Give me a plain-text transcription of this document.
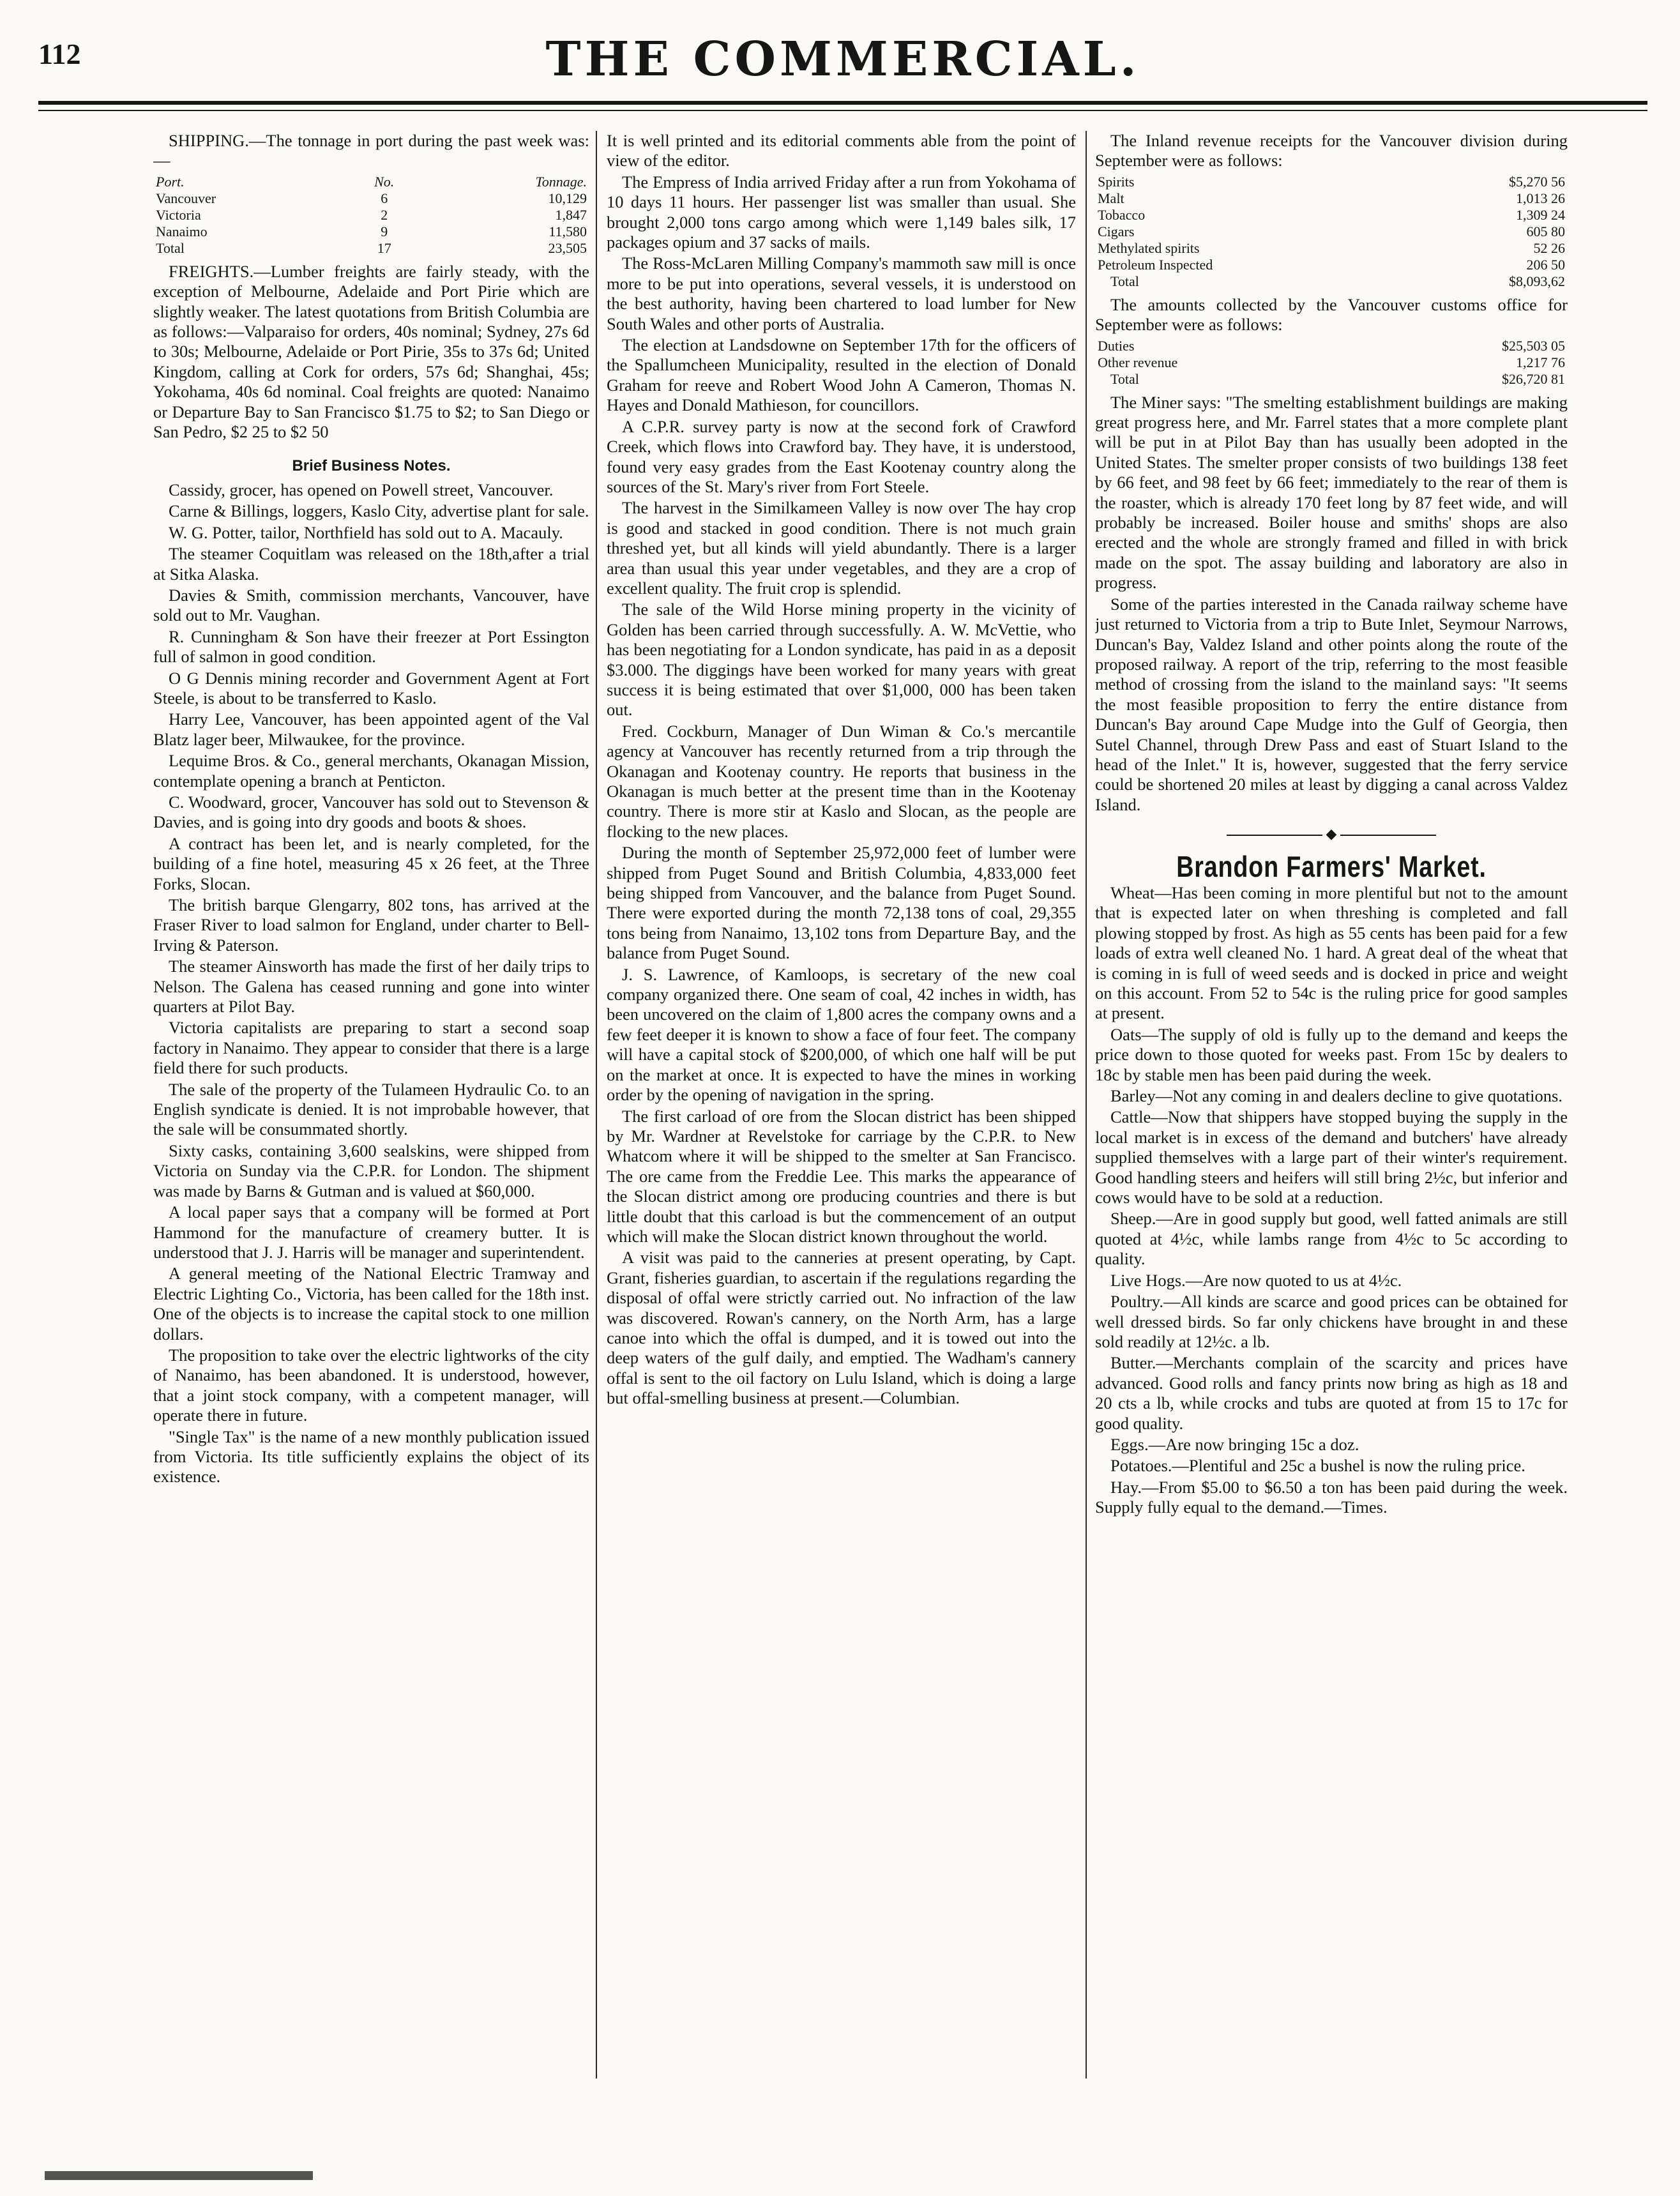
112	THE COMMERCIAL.

SHIPPING.—The tonnage in port during the past week was:—

Port.	No.	Tonnage.
Vancouver	6	10,129
Victoria	2	1,847
Nanaimo	9	11,580
Total	17	23,505

FREIGHTS.—Lumber freights are fairly steady, with the exception of Melbourne, Adelaide and Port Pirie which are slightly weaker. The latest quotations from British Columbia are as follows:—Valparaiso for orders, 40s nominal; Sydney, 27s 6d to 30s; Melbourne, Adelaide or Port Pirie, 35s to 37s 6d; United Kingdom, calling at Cork for orders, 57s 6d; Shanghai, 45s; Yokohama, 40s 6d nominal. Coal freights are quoted: Nanaimo or Departure Bay to San Francisco $1.75 to $2; to San Diego or San Pedro, $2 25 to $2 50

Brief Business Notes.

Cassidy, grocer, has opened on Powell street, Vancouver.

Carne & Billings, loggers, Kaslo City, advertise plant for sale.

W. G. Potter, tailor, Northfield has sold out to A. Macauly.

The steamer Coquitlam was released on the 18th,after a trial at Sitka Alaska.

Davies & Smith, commission merchants, Vancouver, have sold out to Mr. Vaughan.

R. Cunningham & Son have their freezer at Port Essington full of salmon in good condition.

O G Dennis mining recorder and Government Agent at Fort Steele, is about to be transferred to Kaslo.

Harry Lee, Vancouver, has been appointed agent of the Val Blatz lager beer, Milwaukee, for the province.

Lequime Bros. & Co., general merchants, Okanagan Mission, contemplate opening a branch at Penticton.

C. Woodward, grocer, Vancouver has sold out to Stevenson & Davies, and is going into dry goods and boots & shoes.

A contract has been let, and is nearly completed, for the building of a fine hotel, measuring 45 x 26 feet, at the Three Forks, Slocan.

The british barque Glengarry, 802 tons, has arrived at the Fraser River to load salmon for England, under charter to Bell-Irving & Paterson.

The steamer Ainsworth has made the first of her daily trips to Nelson. The Galena has ceased running and gone into winter quarters at Pilot Bay.

Victoria capitalists are preparing to start a second soap factory in Nanaimo. They appear to consider that there is a large field there for such products.

The sale of the property of the Tulameen Hydraulic Co. to an English syndicate is denied. It is not improbable however, that the sale will be consummated shortly.

Sixty casks, containing 3,600 sealskins, were shipped from Victoria on Sunday via the C.P.R. for London. The shipment was made by Barns & Gutman and is valued at $60,000.

A local paper says that a company will be formed at Port Hammond for the manufacture of creamery butter. It is understood that J. J. Harris will be manager and superintendent.

A general meeting of the National Electric Tramway and Electric Lighting Co., Victoria, has been called for the 18th inst. One of the objects is to increase the capital stock to one million dollars.

The proposition to take over the electric lightworks of the city of Nanaimo, has been abandoned. It is understood, however, that a joint stock company, with a competent manager, will operate there in future.

"Single Tax" is the name of a new monthly publication issued from Victoria. Its title sufficiently explains the object of its existence.

It is well printed and its editorial comments able from the point of view of the editor.

The Empress of India arrived Friday after a run from Yokohama of 10 days 11 hours. Her passenger list was smaller than usual. She brought 2,000 tons cargo among which were 1,149 bales silk, 17 packages opium and 37 sacks of mails.

The Ross-McLaren Milling Company's mammoth saw mill is once more to be put into operations, several vessels, it is understood on the best authority, having been chartered to load lumber for New South Wales and other ports of Australia.

The election at Landsdowne on September 17th for the officers of the Spallumcheen Municipality, resulted in the election of Donald Graham for reeve and Robert Wood John A Cameron, Thomas N. Hayes and Donald Mathieson, for councillors.

A C.P.R. survey party is now at the second fork of Crawford Creek, which flows into Crawford bay. They have, it is understood, found very easy grades from the East Kootenay country along the sources of the St. Mary's river from Fort Steele.

The harvest in the Similkameen Valley is now over The hay crop is good and stacked in good condition. There is not much grain threshed yet, but all kinds will yield abundantly. There is a larger area than usual this year under vegetables, and they are a crop of excellent quality. The fruit crop is splendid.

The sale of the Wild Horse mining property in the vicinity of Golden has been carried through successfully. A. W. McVettie, who has been negotiating for a London syndicate, has paid in as a deposit $3.000. The diggings have been worked for many years with great success it is being estimated that over $1,000, 000 has been taken out.

Fred. Cockburn, Manager of Dun Wiman & Co.'s mercantile agency at Vancouver has recently returned from a trip through the Okanagan and Kootenay country. He reports that business in the Okanagan is much better at the present time than in the Kootenay country. There is more stir at Kaslo and Slocan, as the people are flocking to the new places.

During the month of September 25,972,000 feet of lumber were shipped from Puget Sound and British Columbia, 4,833,000 feet being shipped from Vancouver, and the balance from Puget Sound. There were exported during the month 72,138 tons of coal, 29,355 tons being from Nanaimo, 13,102 tons from Departure Bay, and the balance from Puget Sound.

J. S. Lawrence, of Kamloops, is secretary of the new coal company organized there. One seam of coal, 42 inches in width, has been uncovered on the claim of 1,800 acres the company owns and a few feet deeper it is known to show a face of four feet. The company will have a capital stock of $200,000, of which one half will be put on the market at once. It is expected to have the mines in working order by the opening of navigation in the spring.

The first carload of ore from the Slocan district has been shipped by Mr. Wardner at Revelstoke for carriage by the C.P.R. to New Whatcom where it will be shipped to the smelter at San Francisco. The ore came from the Freddie Lee. This marks the appearance of the Slocan district among ore producing countries and there is but little doubt that this carload is but the commencement of an output which will make the Slocan district known throughout the world.

A visit was paid to the canneries at present operating, by Capt. Grant, fisheries guardian, to ascertain if the regulations regarding the disposal of offal were strictly carried out. No infraction of the law was discovered. Rowan's cannery, on the North Arm, has a large canoe into which the offal is dumped, and it is towed out into the deep waters of the gulf daily, and emptied. The Wadham's cannery offal is sent to the oil factory on Lulu Island, which is doing a large but offal-smelling business at present.—Columbian.

The Inland revenue receipts for the Vancouver division during September were as follows:

Spirits	$5,270 56
Malt	1,013 26
Tobacco	1,309 24
Cigars	605 80
Methylated spirits	52 26
Petroleum Inspected	206 50
Total	$8,093,62

The amounts collected by the Vancouver customs office for September were as follows:

Duties	$25,503 05
Other revenue	1,217 76
Total	$26,720 81

The Miner says: "The smelting establishment buildings are making great progress here, and Mr. Farrel states that a more complete plant will be put in at Pilot Bay than has usually been adopted in the United States. The smelter proper consists of two buildings 138 feet by 66 feet, and 98 feet by 66 feet; immediately to the rear of them is the roaster, which is already 170 feet long by 87 feet wide, and will probably be increased. Boiler house and smiths' shops are also erected and the whole are strongly framed and filled in with brick made on the spot. The assay building and laboratory are also in progress.

Some of the parties interested in the Canada railway scheme have just returned to Victoria from a trip to Bute Inlet, Seymour Narrows, Duncan's Bay, Valdez Island and other points along the route of the proposed railway. A report of the trip, referring to the most feasible method of crossing from the island to the mainland says: "It seems the most feasible proposition to ferry the entire distance from Duncan's Bay around Cape Mudge into the Gulf of Georgia, then Sutel Channel, through Drew Pass and east of Stuart Island to the head of the Inlet." It is, however, suggested that the ferry service could be shortened 20 miles at least by digging a canal across Valdez Island.

◆
Brandon Farmers' Market.

Wheat—Has been coming in more plentiful but not to the amount that is expected later on when threshing is completed and fall plowing stopped by frost. As high as 55 cents has been paid for a few loads of extra well cleaned No. 1 hard. A great deal of the wheat that is coming in is full of weed seeds and is docked in price and weight on this account. From 52 to 54c is the ruling price for good samples at present.

Oats—The supply of old is fully up to the demand and keeps the price down to those quoted for weeks past. From 15c by dealers to 18c by stable men has been paid during the week.

Barley—Not any coming in and dealers decline to give quotations.

Cattle—Now that shippers have stopped buying the supply in the local market is in excess of the demand and butchers' have already supplied themselves with a large part of their winter's requirement. Good handling steers and heifers will still bring 2½c, but inferior and cows would have to be sold at a reduction.

Sheep.—Are in good supply but good, well fatted animals are still quoted at 4½c, while lambs range from 4½c to 5c according to quality.

Live Hogs.—Are now quoted to us at 4½c.

Poultry.—All kinds are scarce and good prices can be obtained for well dressed birds. So far only chickens have brought in and these sold readily at 12½c. a lb.

Butter.—Merchants complain of the scarcity and prices have advanced. Good rolls and fancy prints now bring as high as 18 and 20 cts a lb, while crocks and tubs are quoted at from 15 to 17c for good quality.

Eggs.—Are now bringing 15c a doz.

Potatoes.—Plentiful and 25c a bushel is now the ruling price.

Hay.—From $5.00 to $6.50 a ton has been paid during the week. Supply fully equal to the demand.—Times.
